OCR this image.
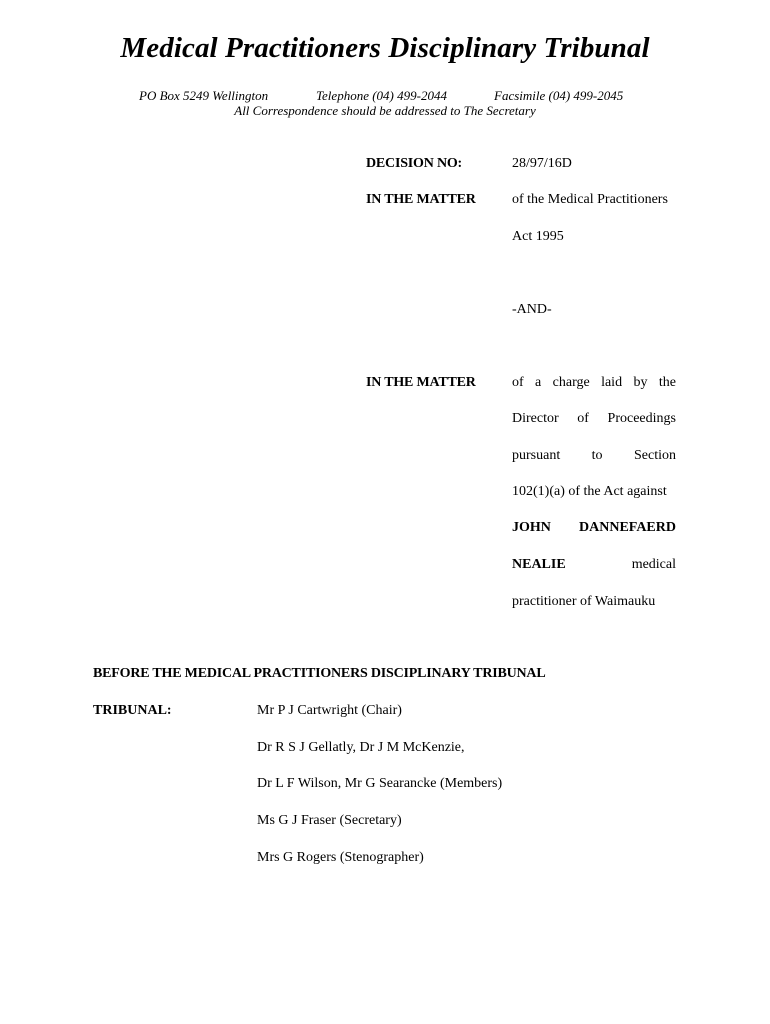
Medical Practitioners Disciplinary Tribunal
PO Box 5249 Wellington	Telephone (04) 499-2044	Facsimile (04) 499-2045
All Correspondence should be addressed to The Secretary
DECISION NO:	28/97/16D
IN THE MATTER	of the Medical Practitioners
Act 1995
-AND-
IN THE MATTER	of a charge laid by the
Director of Proceedings
pursuant to Section
102(1)(a) of the Act against
JOHN DANNEFAERD
NEALIE	medical
practitioner of Waimauku
BEFORE THE MEDICAL PRACTITIONERS DISCIPLINARY TRIBUNAL
TRIBUNAL:	Mr P J Cartwright (Chair)
Dr R S J Gellatly, Dr J M McKenzie,
Dr L F Wilson, Mr G Searancke (Members)
Ms G J Fraser (Secretary)
Mrs G Rogers (Stenographer)
